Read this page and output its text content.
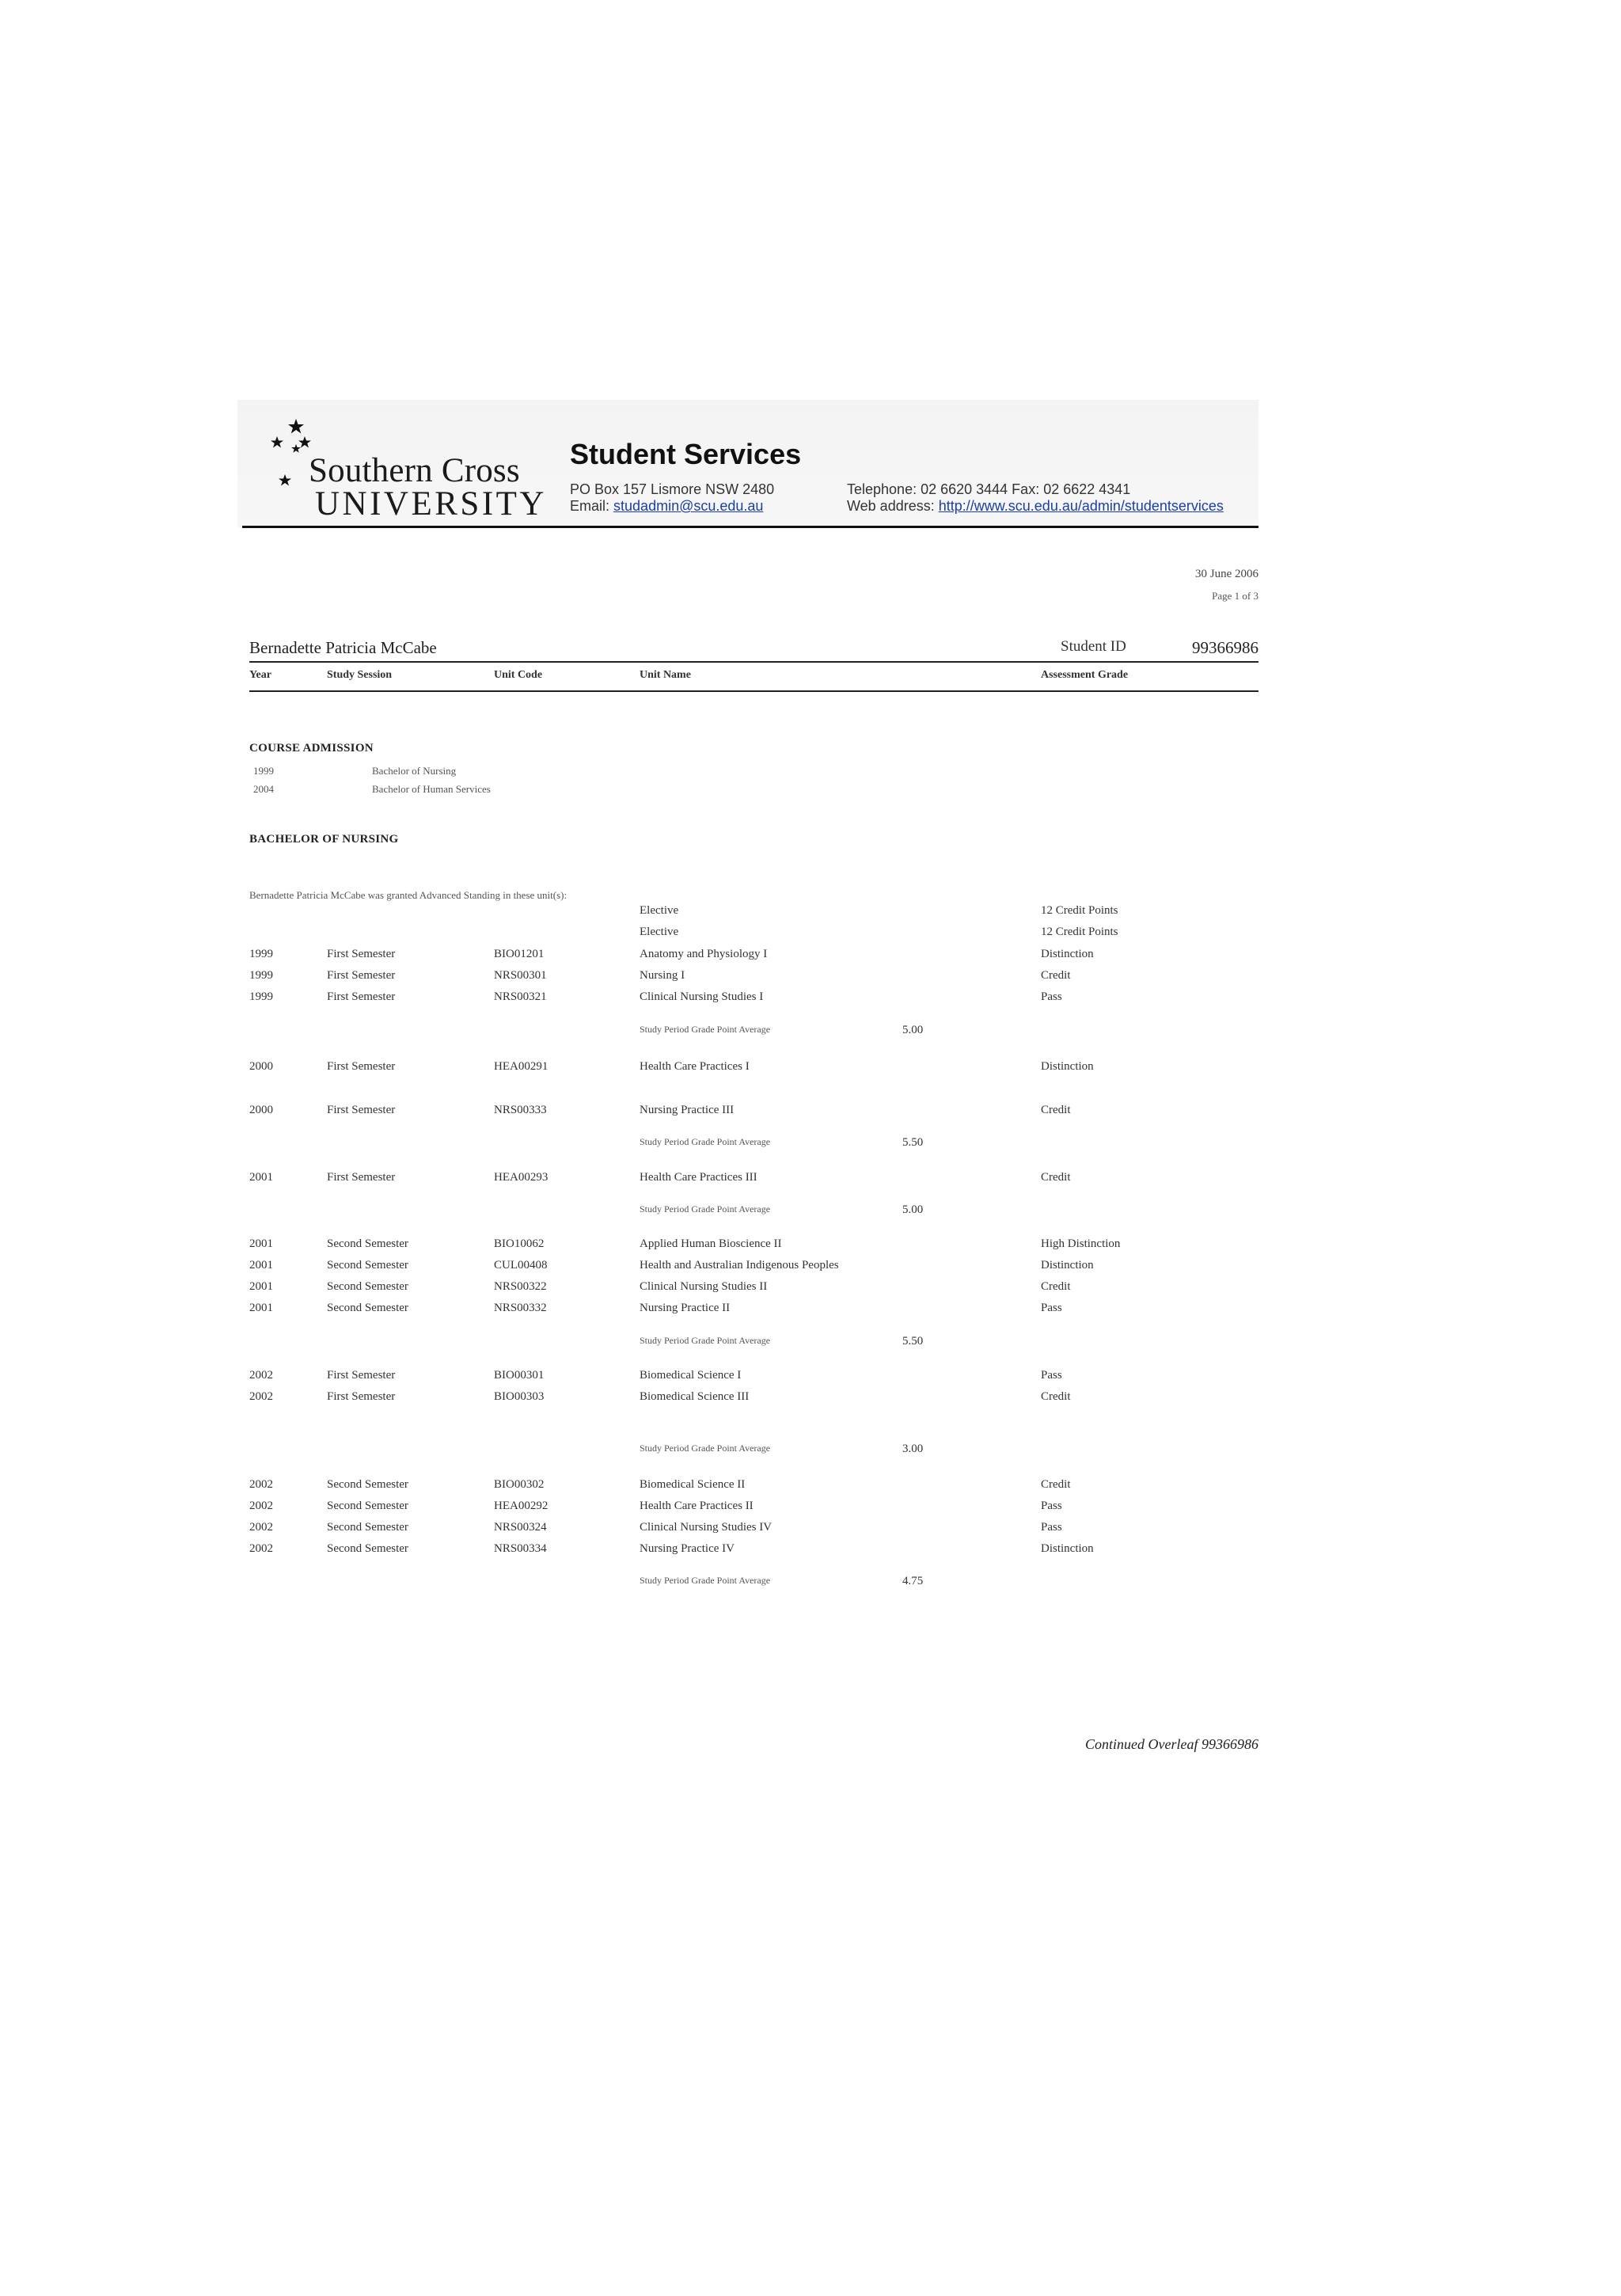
Southern Cross
UNIVERSITY
Student Services
PO Box 157 Lismore NSW 2480
Email: studadmin@scu.edu.au
Telephone: 02 6620 3444 Fax: 02 6622 4341
Web address: http://www.scu.edu.au/admin/studentservices
30 June 2006
Page 1 of 3
Bernadette Patricia McCabe	Student ID	99366986
Year	Study Session	Unit Code	Unit Name	Assessment Grade
COURSE ADMISSION
1999	Bachelor of Nursing
2004	Bachelor of Human Services
BACHELOR OF NURSING
Bernadette Patricia McCabe was granted Advanced Standing in these unit(s):
Elective	12 Credit Points
Elective	12 Credit Points
1999	First Semester	BIO01201	Anatomy and Physiology I	Distinction
1999	First Semester	NRS00301	Nursing I	Credit
1999	First Semester	NRS00321	Clinical Nursing Studies I	Pass
Study Period Grade Point Average	5.00
2000	First Semester	HEA00291	Health Care Practices I	Distinction
2000	First Semester	NRS00333	Nursing Practice III	Credit
Study Period Grade Point Average	5.50
2001	First Semester	HEA00293	Health Care Practices III	Credit
Study Period Grade Point Average	5.00
2001	Second Semester	BIO10062	Applied Human Bioscience II	High Distinction
2001	Second Semester	CUL00408	Health and Australian Indigenous Peoples	Distinction
2001	Second Semester	NRS00322	Clinical Nursing Studies II	Credit
2001	Second Semester	NRS00332	Nursing Practice II	Pass
Study Period Grade Point Average	5.50
2002	First Semester	BIO00301	Biomedical Science I	Pass
2002	First Semester	BIO00303	Biomedical Science III	Credit
Study Period Grade Point Average	3.00
2002	Second Semester	BIO00302	Biomedical Science II	Credit
2002	Second Semester	HEA00292	Health Care Practices II	Pass
2002	Second Semester	NRS00324	Clinical Nursing Studies IV	Pass
2002	Second Semester	NRS00334	Nursing Practice IV	Distinction
Study Period Grade Point Average	4.75
Continued Overleaf 99366986
